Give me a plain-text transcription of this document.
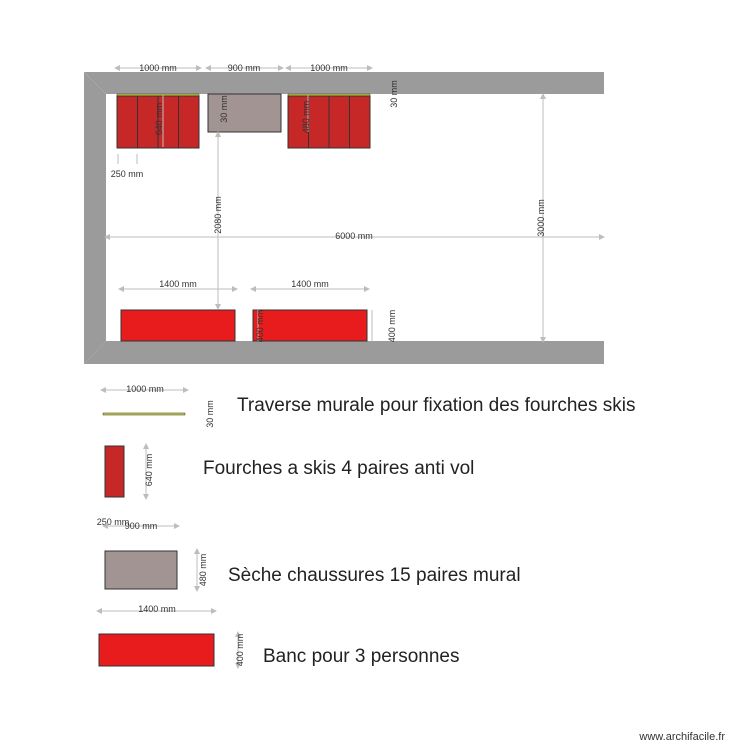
1000 mm	900 mm	1000 mm
30 mm
30 mm
640 mm	480 mm
250 mm
2080 mm
6000 mm	3000 mm
1400 mm	1400 mm
400 mm	400 mm
1000 mm
30 mm Traverse murale pour fixation des fourches skis
640 mm
250 mm
Fourches a skis 4 paires anti vol
900 mm
480 mm Sèche chaussures 15 paires mural
1400 mm
400 mm Banc pour 3 personnes
www.archifacile.fr
